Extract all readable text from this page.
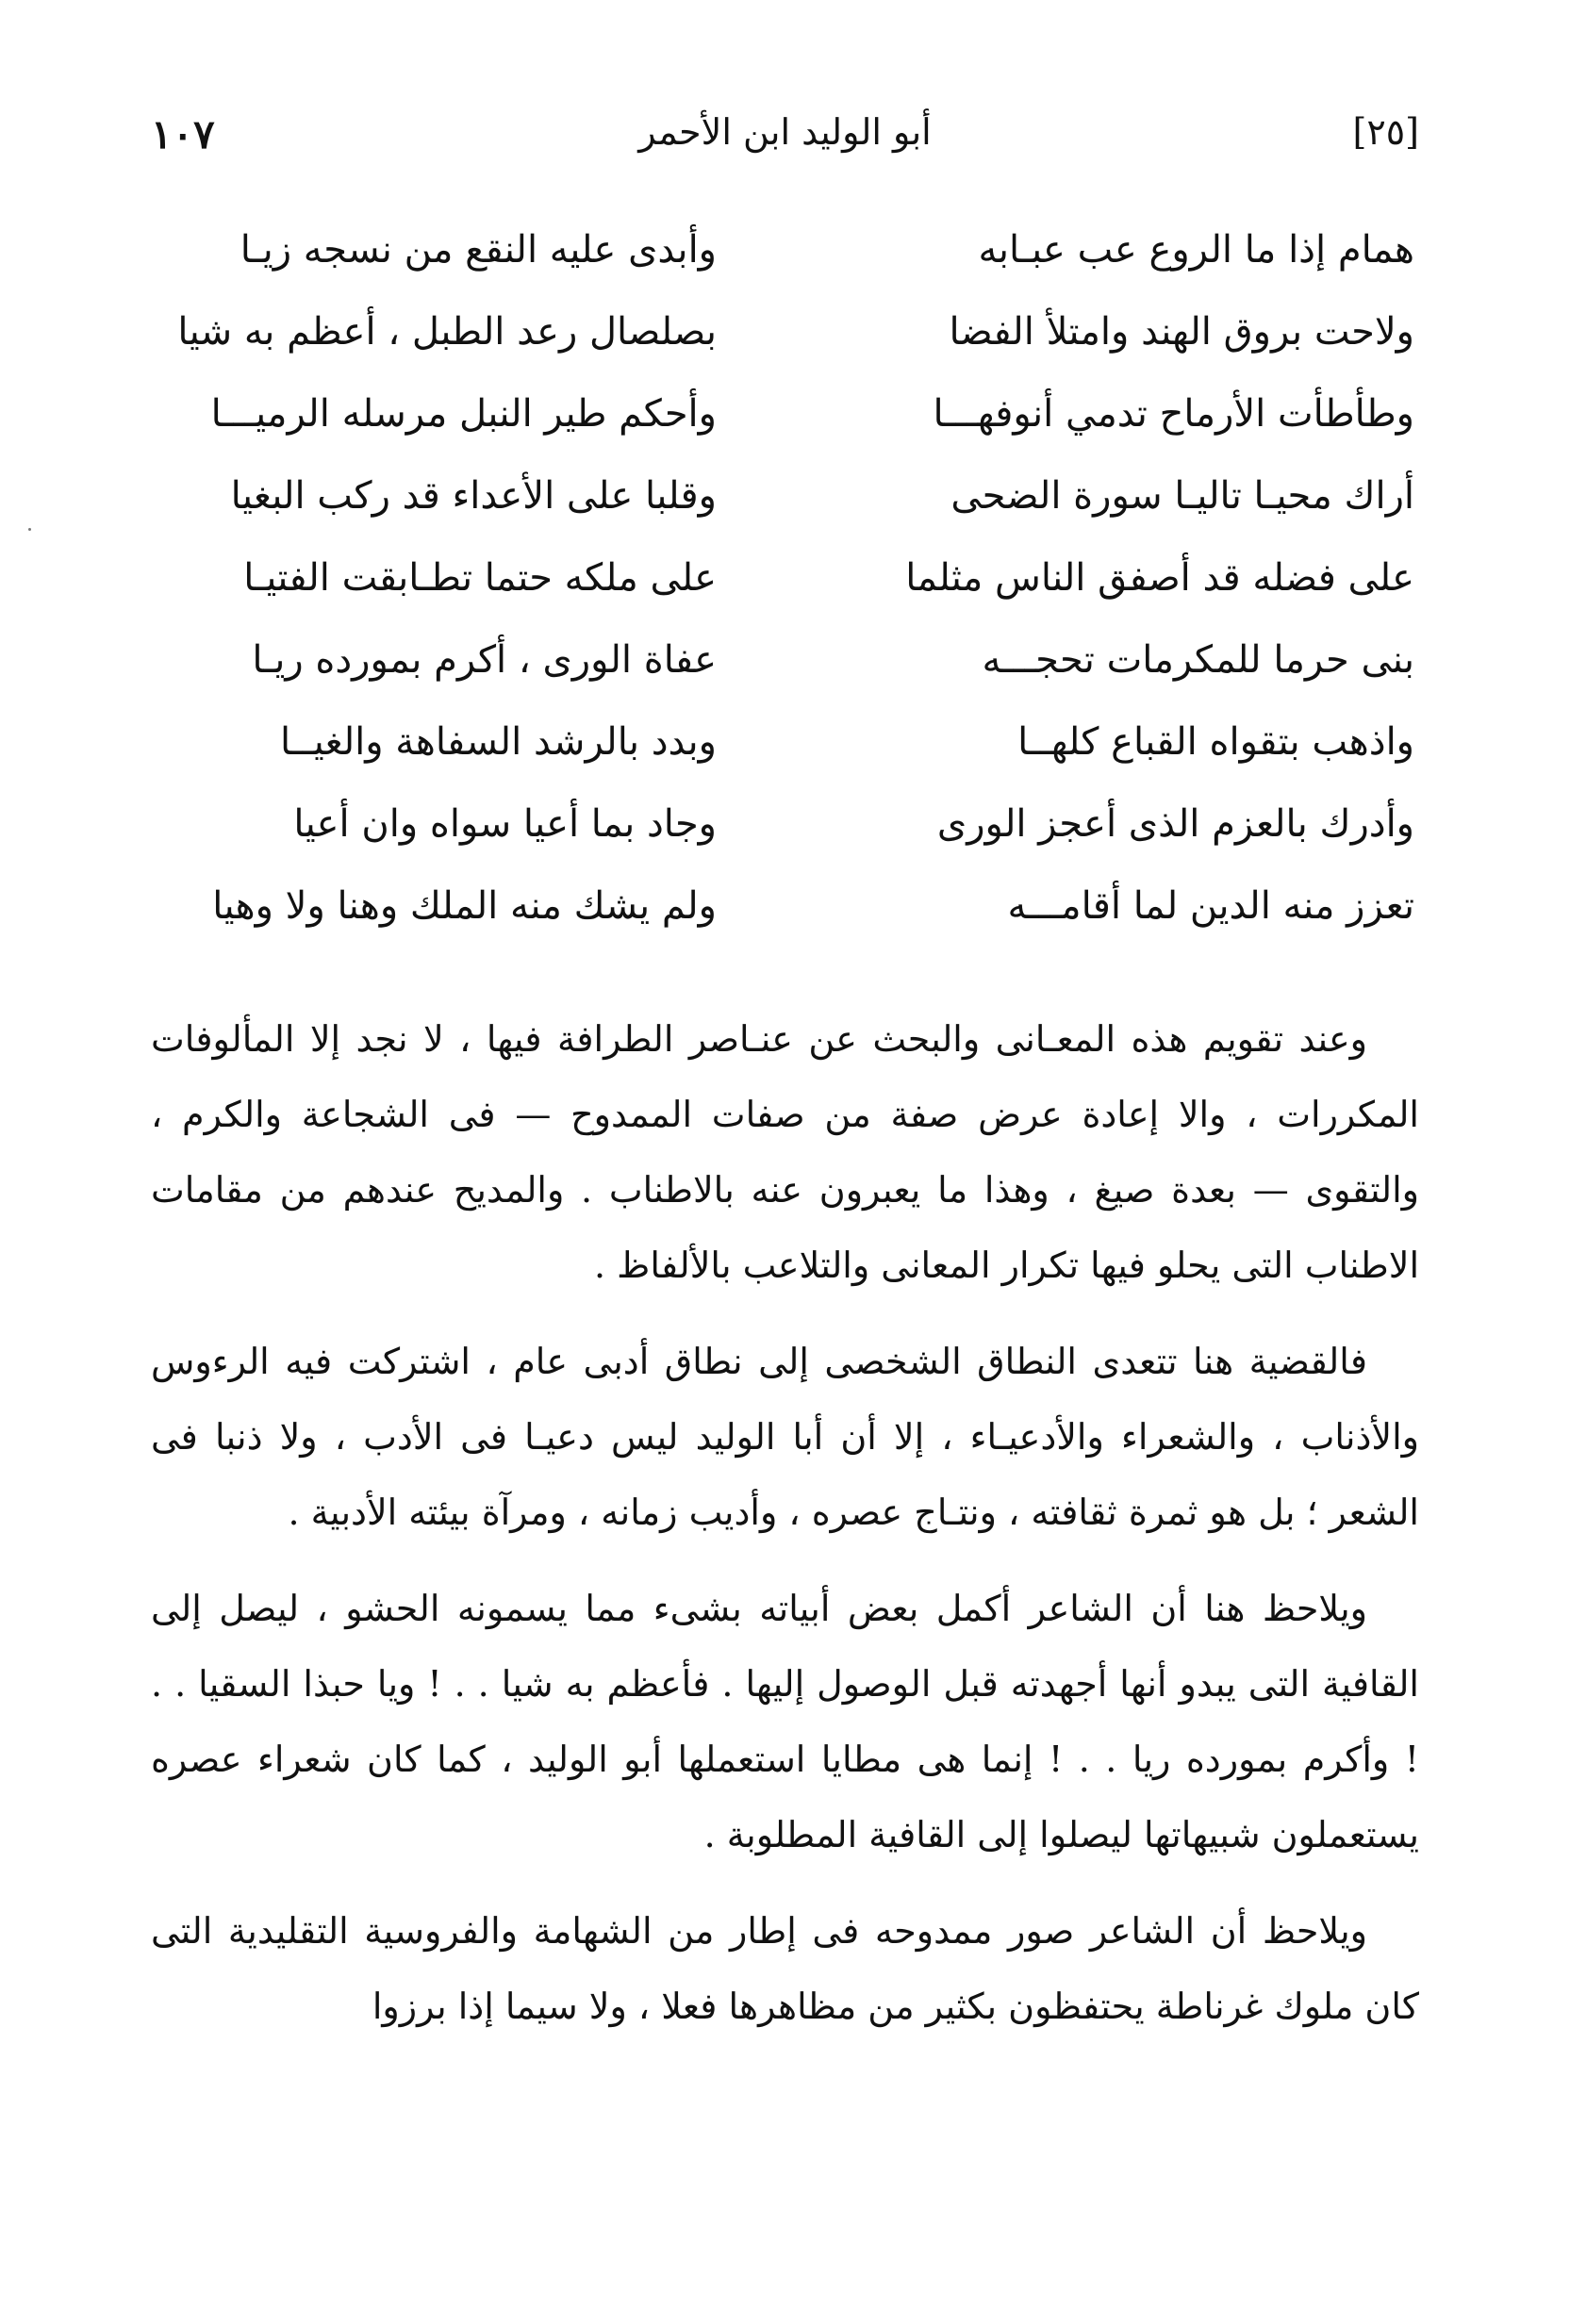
[٢٥]
أبو الوليد ابن الأحمر
١٠٧
همام إذا ما الروع عب عبـابه
وأبدى عليه النقع من نسجه زيـا
ولاحت بروق الهند وامتلأ الفضا
بصلصال رعد الطبل ، أعظم به شيا
وطأطأت الأرماح تدمي أنوفهـــا
وأحكم طير النبل مرسله الرميـــا
أراك محيـا تاليـا سورة الضحى
وقلبا على الأعداء قد ركب البغيا
على فضله قد أصفق الناس مثلما
على ملكه حتما تطـابقت الفتيـا
بنى حرما للمكرمات تحجـــه
عفاة الورى ، أكرم بمورده ريـا
واذهب بتقواه القباع كلهــا
وبدد بالرشد السفاهة والغيــا
وأدرك بالعزم الذى أعجز الورى
وجاد بما أعيا سواه وان أعيا
تعزز منه الدين لما أقامـــه
ولم يشك منه الملك وهنا ولا وهيا

وعند تقويم هذه المعـانى والبحث عن عنـاصر الطرافة فيها ، لا نجد إلا المألوفات المكررات ، والا إعادة عرض صفة من صفات الممدوح — فى الشجاعة والكرم ، والتقوى — بعدة صيغ ، وهذا ما يعبرون عنه بالاطناب . والمديح عندهم من مقامات الاطناب التى يحلو فيها تكرار المعانى والتلاعب بالألفاظ .

فالقضية هنا تتعدى النطاق الشخصى إلى نطاق أدبى عام ، اشتركت فيه الرءوس والأذناب ، والشعراء والأدعيـاء ، إلا أن أبا الوليد ليس دعيـا فى الأدب ، ولا ذنبا فى الشعر ؛ بل هو ثمرة ثقافته ، ونتـاج عصره ، وأديب زمانه ، ومرآة بيئته الأدبية .

ويلاحظ هنا أن الشاعر أكمل بعض أبياته بشىء مما يسمونه الحشو ، ليصل إلى القافية التى يبدو أنها أجهدته قبل الوصول إليها . فأعظم به شيا . . ! ويا حبذا السقيا . . ! وأكرم بمورده ريا . . ! إنما هى مطايا استعملها أبو الوليد ، كما كان شعراء عصره يستعملون شبيهاتها ليصلوا إلى القافية المطلوبة .

ويلاحظ أن الشاعر صور ممدوحه فى إطار من الشهامة والفروسية التقليدية التى كان ملوك غرناطة يحتفظون بكثير من مظاهرها فعلا ، ولا سيما إذا برزوا
